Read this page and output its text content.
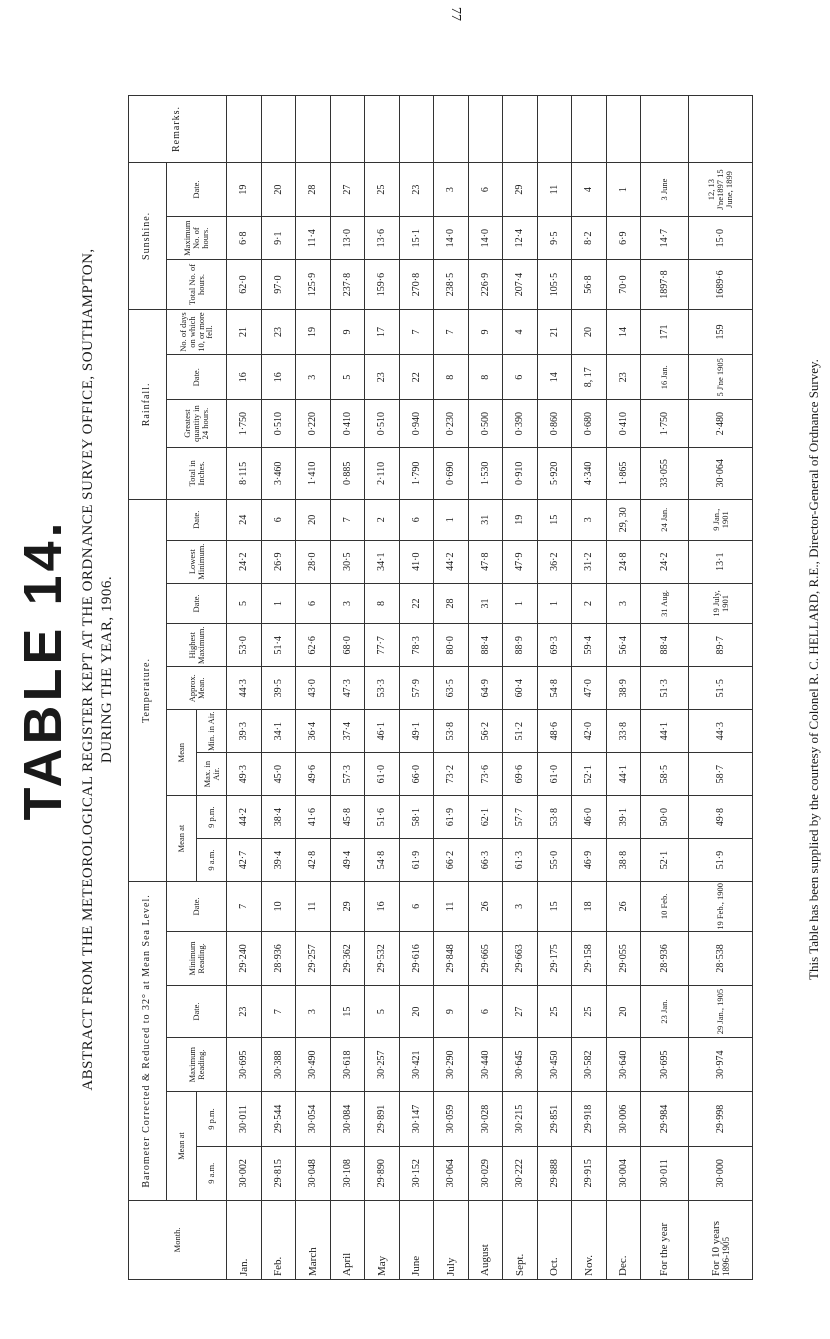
77
TABLE 14. ABSTRACT FROM THE METEOROLOGICAL REGISTER KEPT AT THE ORDNANCE SURVEY OFFICE, SOUTHAMPTON, DURING THE YEAR, 1906.
Month.	Barometer Corrected & Reduced to 32° at Mean Sea Level.						Temperature.									Rainfall.				Sunshine.			Remarks.
	Mean at		Maximum Reading.	Date.	Minimum Reading.	Date.	Mean at		Mean		Approx. Mean.	Highest Maximum.	Date.	Lowest Minimum.	Date.	Total in Inches.	Greatest quantity in 24 hours.	Date.	No. of days on which 10, or more fell.	Total No. of hours.	Maximum No. of hours.	Date.	
	9 a.m.	9 p.m.					9 a.m.	9 p.m.	Max. in Air.	Min. in Air.													

Jan.	30·002	30·011	30·695	23	29·240	7	42·7	44·2	49·3	39·3	44·3	53·0	5	24·2	24	8·115	1·750	16	21	62·0	6·8	19	

Feb.	29·815	29·544	30·388	7	28·936	10	39·4	38·4	45·0	34·1	39·5	51·4	1	26·9	6	3·460	0·510	16	23	97·0	9·1	20	

March	30·048	30·054	30·490	3	29·257	11	42·8	41·6	49·6	36·4	43·0	62·6	6	28·0	20	1·410	0·220	3	19	125·9	11·4	28	

April	30·108	30·084	30·618	15	29·362	29	49·4	45·8	57·3	37·4	47·3	68·0	3	30·5	7	0·885	0·410	5	9	237·8	13·0	27	

May	29·890	29·891	30·257	5	29·532	16	54·8	51·6	61·0	46·1	53·3	77·7	8	34·1	2	2·110	0·510	23	17	159·6	13·6	25	

June	30·152	30·147	30·421	20	29·616	6	61·9	58·1	66·0	49·1	57·9	78·3	22	41·0	6	1·790	0·940	22	7	270·8	15·1	23	

July	30·064	30·059	30·290	9	29·848	11	66·2	61·9	73·2	53·8	63·5	80·0	28	44·2	1	0·690	0·230	8	7	238·5	14·0	3	

August	30·029	30·028	30·440	6	29·665	26	66·3	62·1	73·6	56·2	64·9	88·4	31	47·8	31	1·530	0·500	8	9	226·9	14·0	6	

Sept.	30·222	30·215	30·645	27	29·663	3	61·3	57·7	69·6	51·2	60·4	88·9	1	47·9	19	0·910	0·390	6	4	207·4	12·4	29	

Oct.	29·888	29·851	30·450	25	29·175	15	55·0	53·8	61·0	48·6	54·8	69·3	1	36·2	15	5·920	0·860	14	21	105·5	9·5	11	

Nov.	29·915	29·918	30·582	25	29·158	18	46·9	46·0	52·1	42·0	47·0	59·4	2	31·2	3	4·340	0·680	8, 17	20	56·8	8·2	4	

Dec.	30·004	30·006	30·640	20	29·055	26	38·8	39·1	44·1	33·8	38·9	56·4	3	24·8	29, 30	1·865	0·410	23	14	70·0	6·9	1	

For the year	30·011	29·984	30·695	23 Jan.	28·936	10 Feb.	52·1	50·0	58·5	44·1	51·3	88·4	31 Aug.	24·2	24 Jan.	33·055	1·750	16 Jan.	171	1897·8	14·7	3 June	

For 10 years 1896-1905	30·000	29·998	30·974	29 Jan., 1905	28·538	19 Feb., 1900	51·9	49·8	58·7	44·3	51·5	89·7	19 July, 1901	13·1	9 Jan., 1901	30·064	2·480	5 J'ne 1905	159	1689·6	15·0	12, 13 J'ne1897 15 June, 1899	
This Table has been supplied by the courtesy of Colonel R. C. HELLARD, R.E., Director-General of Ordnance Survey.
